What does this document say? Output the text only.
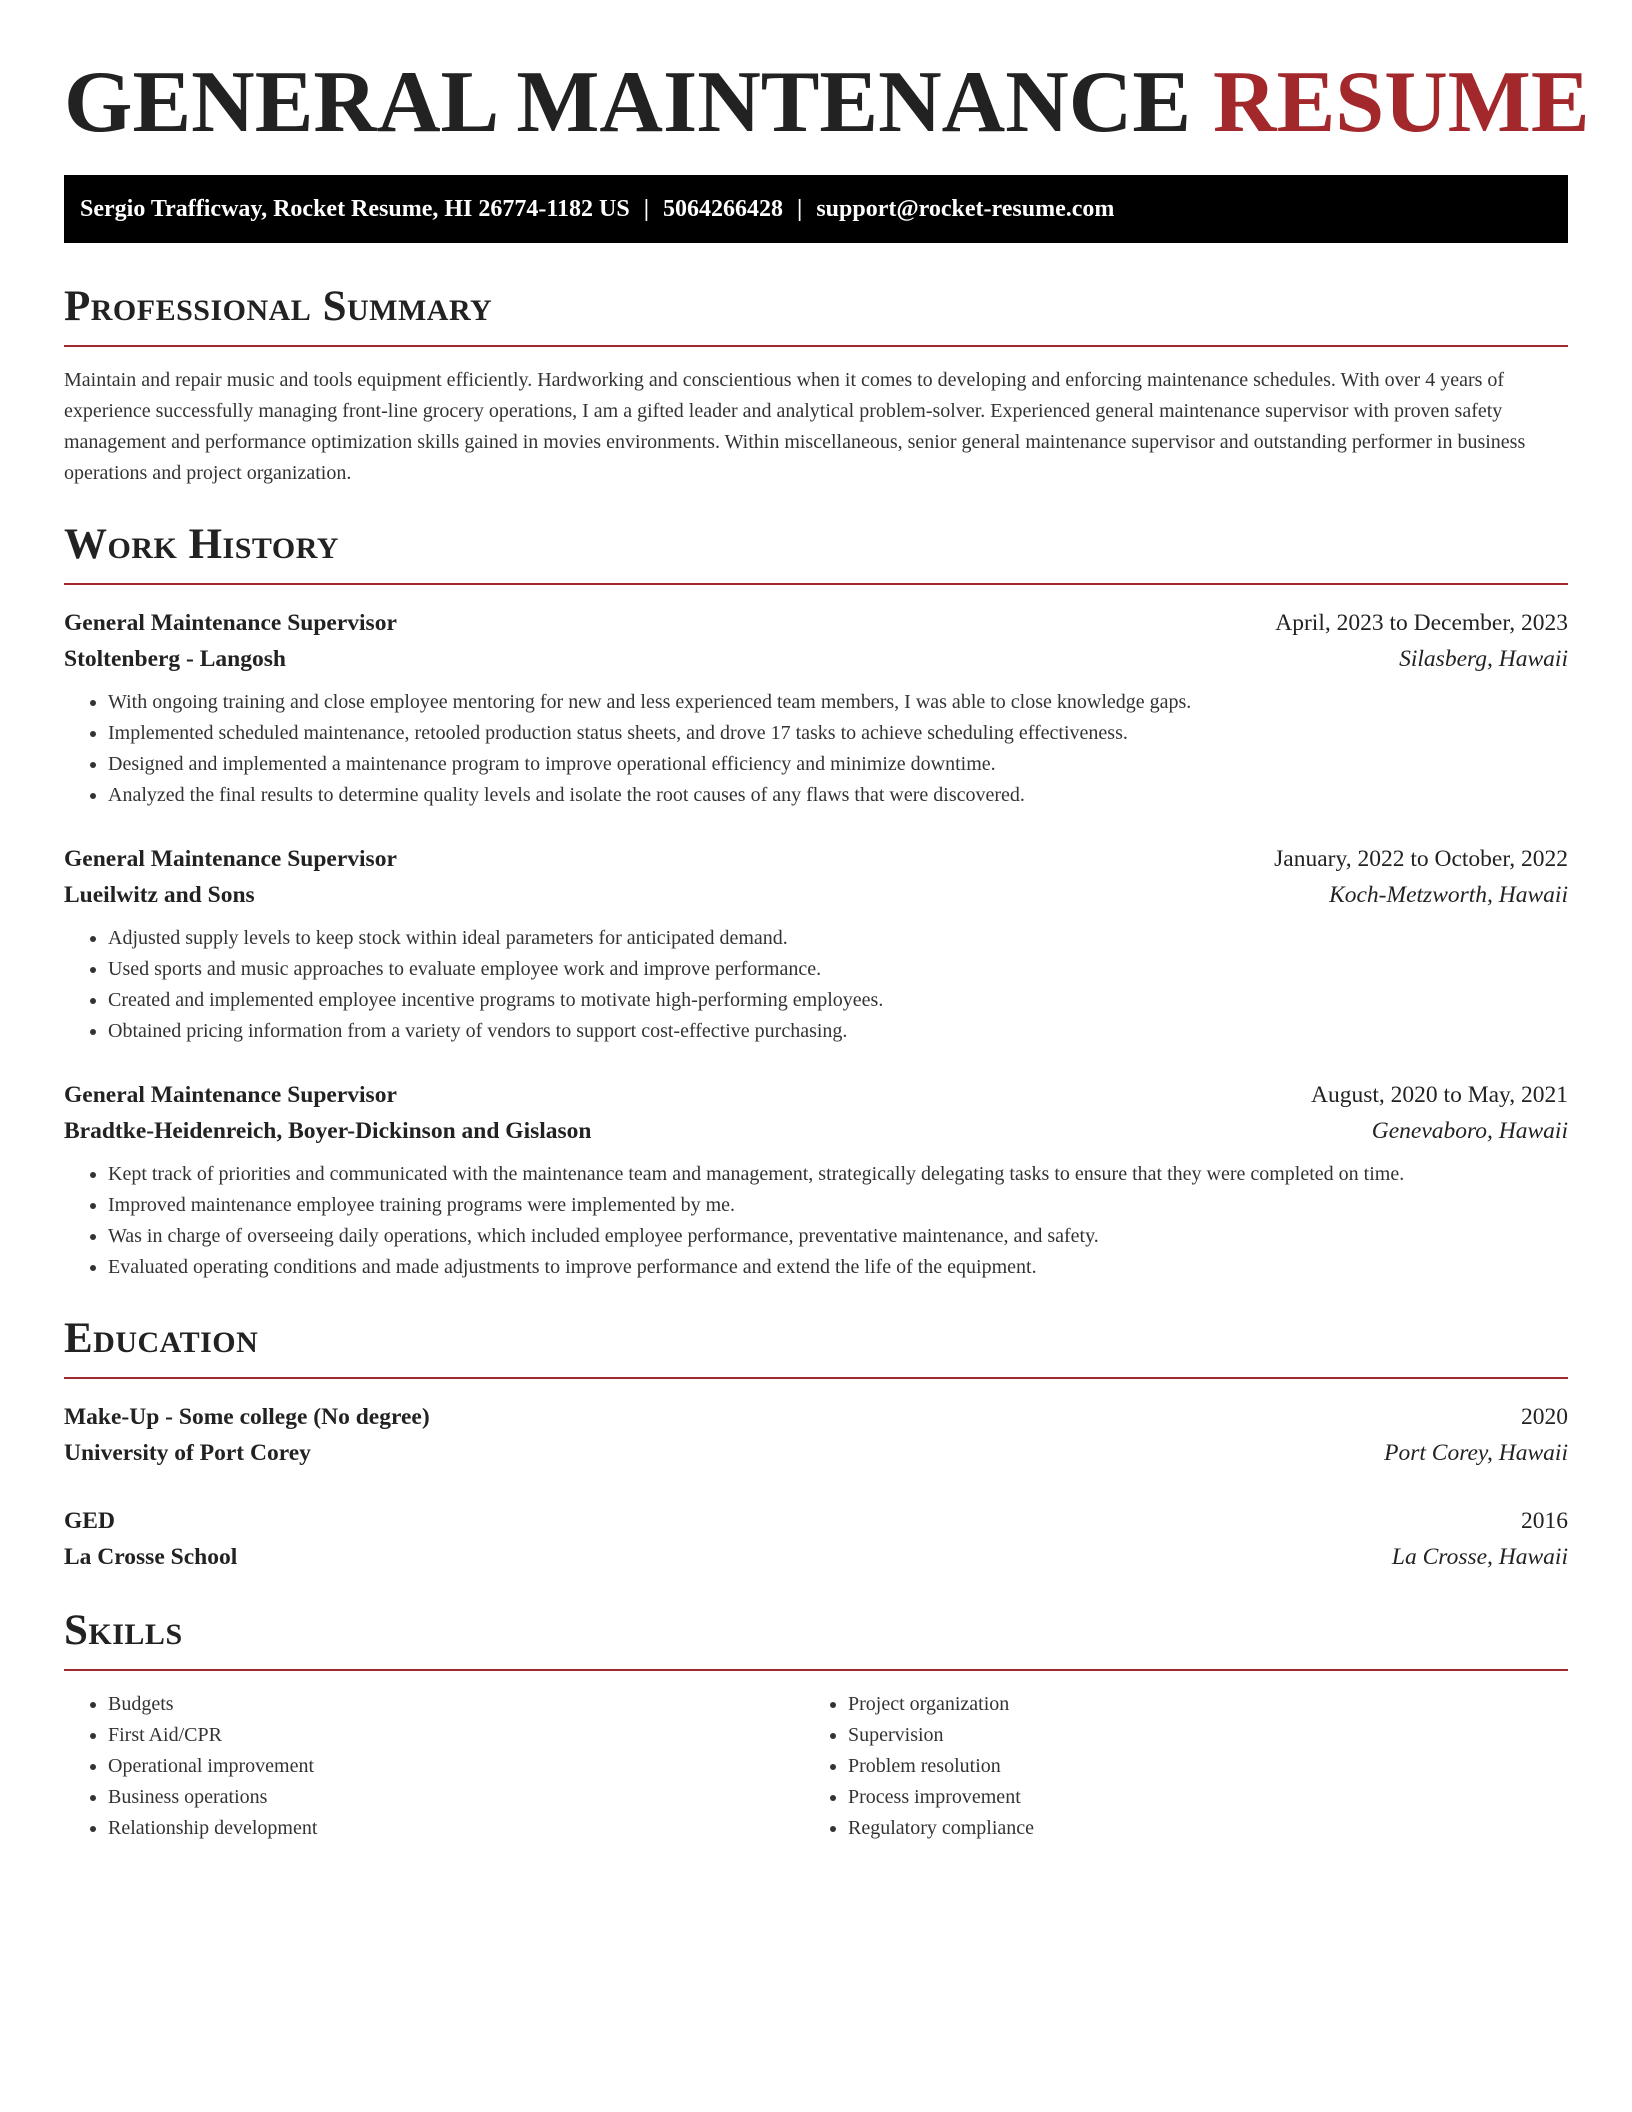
GENERAL MAINTENANCE RESUME
Sergio Trafficway, Rocket Resume, HI 26774-1182 US | 5064266428 | support@rocket-resume.com
Professional Summary

Maintain and repair music and tools equipment efficiently. Hardworking and conscientious when it comes to developing and enforcing maintenance schedules. With over 4 years of experience successfully managing front-line grocery operations, I am a gifted leader and analytical problem-solver. Experienced general maintenance supervisor with proven safety management and performance optimization skills gained in movies environments. Within miscellaneous, senior general maintenance supervisor and outstanding performer in business operations and project organization.

Work History
General Maintenance Supervisor	April, 2023 to December, 2023
Stoltenberg - Langosh	Silasberg, Hawaii
• With ongoing training and close employee mentoring for new and less experienced team members, I was able to close knowledge gaps.
• Implemented scheduled maintenance, retooled production status sheets, and drove 17 tasks to achieve scheduling effectiveness.
• Designed and implemented a maintenance program to improve operational efficiency and minimize downtime.
• Analyzed the final results to determine quality levels and isolate the root causes of any flaws that were discovered.
General Maintenance Supervisor	January, 2022 to October, 2022
Lueilwitz and Sons	Koch-Metzworth, Hawaii
• Adjusted supply levels to keep stock within ideal parameters for anticipated demand.
• Used sports and music approaches to evaluate employee work and improve performance.
• Created and implemented employee incentive programs to motivate high-performing employees.
• Obtained pricing information from a variety of vendors to support cost-effective purchasing.
General Maintenance Supervisor	August, 2020 to May, 2021
Bradtke-Heidenreich, Boyer-Dickinson and Gislason	Genevaboro, Hawaii
• Kept track of priorities and communicated with the maintenance team and management, strategically delegating tasks to ensure that they were completed on time.
• Improved maintenance employee training programs were implemented by me.
• Was in charge of overseeing daily operations, which included employee performance, preventative maintenance, and safety.
• Evaluated operating conditions and made adjustments to improve performance and extend the life of the equipment.
Education
Make-Up - Some college (No degree)	2020
University of Port Corey	Port Corey, Hawaii
GED	2016
La Crosse School	La Crosse, Hawaii
Skills
• Budgets
• First Aid/CPR
• Operational improvement
• Business operations
• Relationship development
• Project organization
• Supervision
• Problem resolution
• Process improvement
• Regulatory compliance
